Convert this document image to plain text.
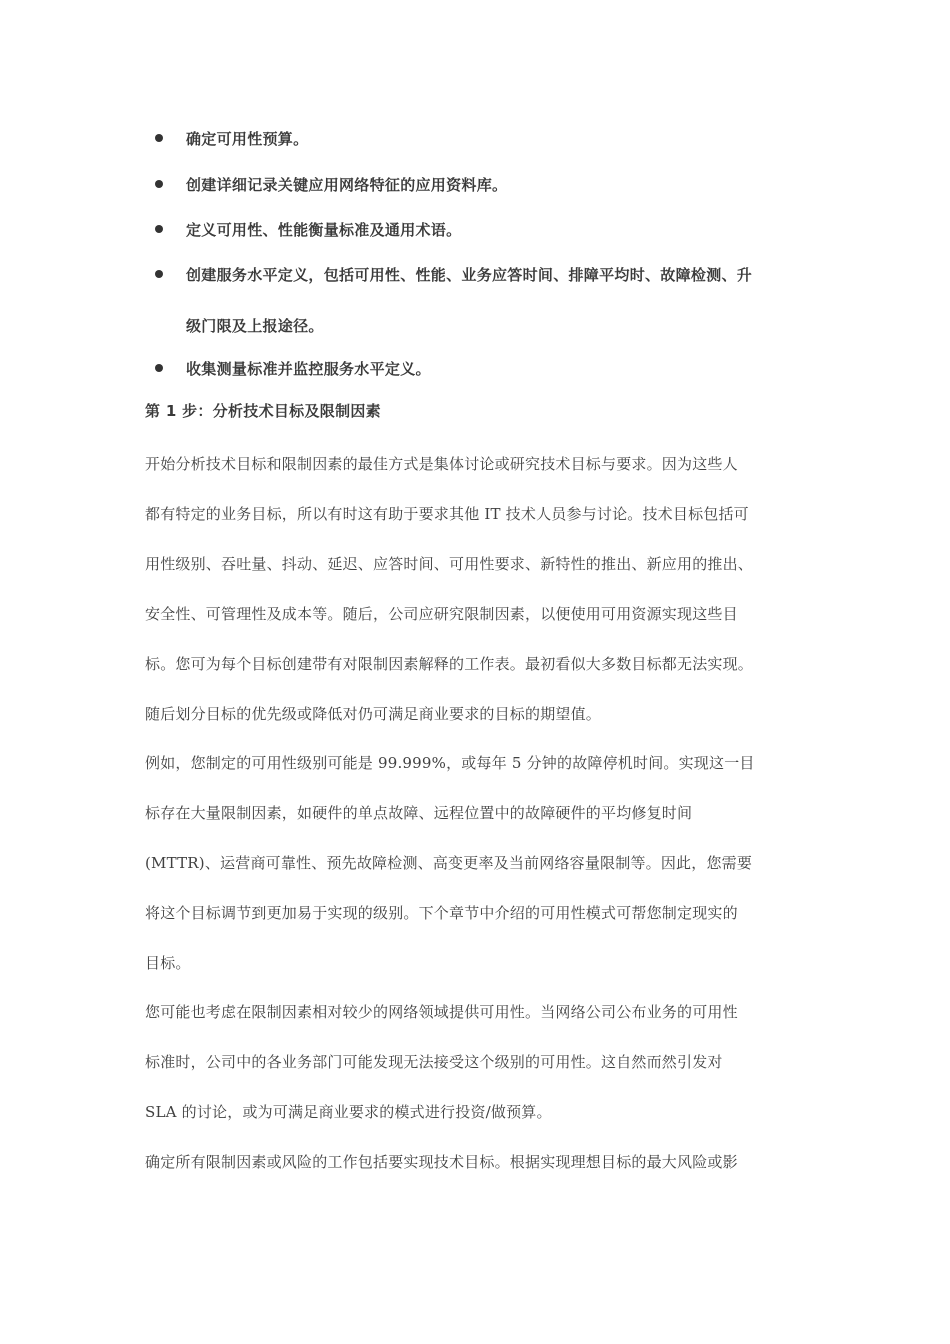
确定可用性预算。
创建详细记录关键应用网络特征的应用资料库。
定义可用性、性能衡量标准及通用术语。
创建服务水平定义，包括可用性、性能、业务应答时间、排障平均时、故障检测、升
级门限及上报途径。
收集测量标准并监控服务水平定义。
第 1 步：分析技术目标及限制因素
开始分析技术目标和限制因素的最佳方式是集体讨论或研究技术目标与要求。因为这些人
都有特定的业务目标，所以有时这有助于要求其他 IT 技术人员参与讨论。技术目标包括可
用性级别、吞吐量、抖动、延迟、应答时间、可用性要求、新特性的推出、新应用的推出、
安全性、可管理性及成本等。随后，公司应研究限制因素，以便使用可用资源实现这些目
标。您可为每个目标创建带有对限制因素解释的工作表。最初看似大多数目标都无法实现。
随后划分目标的优先级或降低对仍可满足商业要求的目标的期望值。
例如，您制定的可用性级别可能是 99.999%，或每年 5 分钟的故障停机时间。实现这一目
标存在大量限制因素，如硬件的单点故障、远程位置中的故障硬件的平均修复时间
(MTTR)、运营商可靠性、预先故障检测、高变更率及当前网络容量限制等。因此，您需要
将这个目标调节到更加易于实现的级别。下个章节中介绍的可用性模式可帮您制定现实的
目标。
您可能也考虑在限制因素相对较少的网络领域提供可用性。当网络公司公布业务的可用性
标准时，公司中的各业务部门可能发现无法接受这个级别的可用性。这自然而然引发对
SLA 的讨论，或为可满足商业要求的模式进行投资/做预算。
确定所有限制因素或风险的工作包括要实现技术目标。根据实现理想目标的最大风险或影
